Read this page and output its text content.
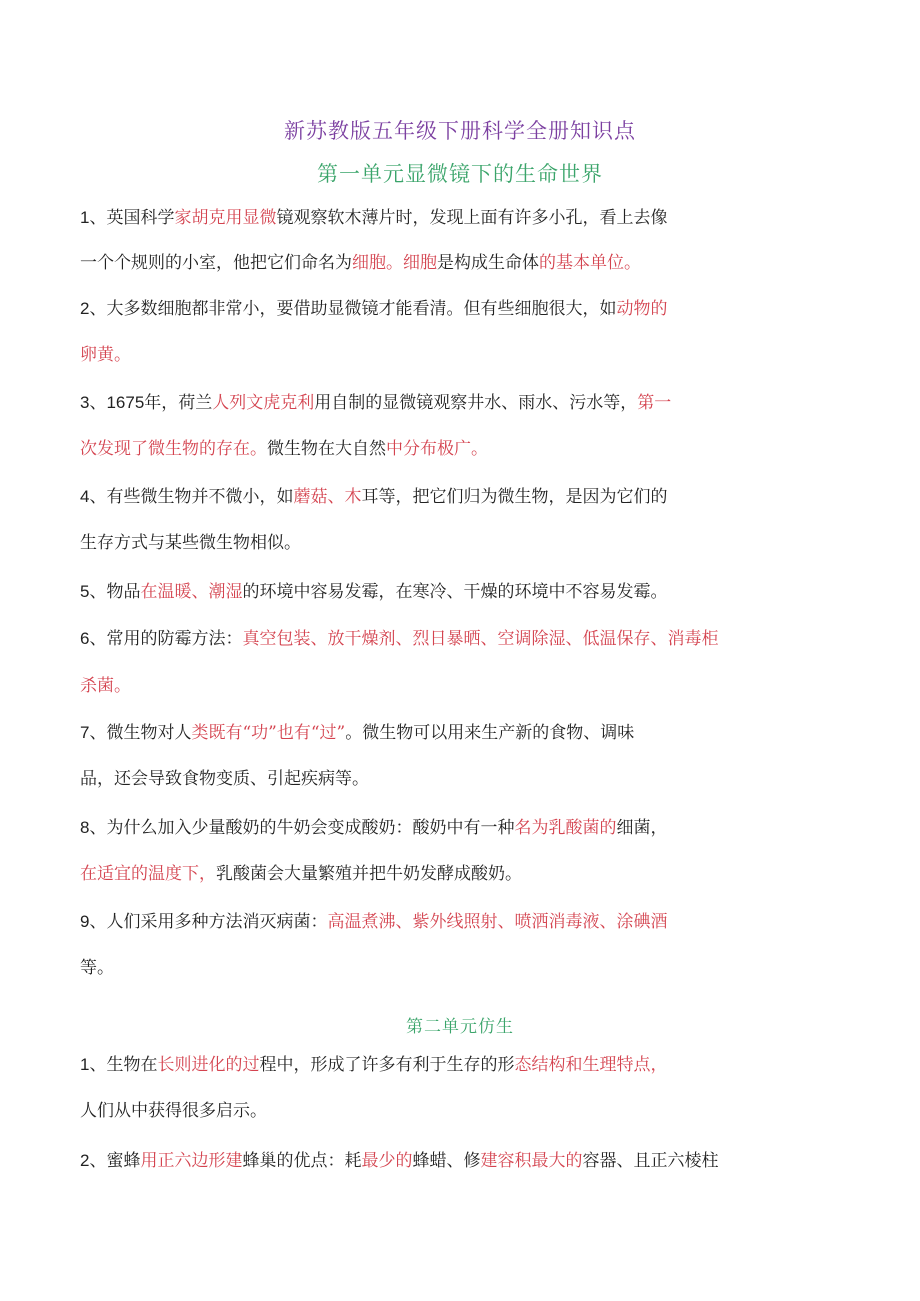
新苏教版五年级下册科学全册知识点
第一单元显微镜下的生命世界
1、英国科学家胡克用显微镜观察软木薄片时，发现上面有许多小孔，看上去像
一个个规则的小室，他把它们命名为细胞。细胞是构成生命体的基本单位。
2、大多数细胞都非常小，要借助显微镜才能看清。但有些细胞很大，如动物的
卵黄。
3、1675年，荷兰人列文虎克利用自制的显微镜观察井水、雨水、污水等，第一
次发现了微生物的存在。微生物在大自然中分布极广。
4、有些微生物并不微小，如蘑菇、木耳等，把它们归为微生物，是因为它们的
生存方式与某些微生物相似。
5、物品在温暖、潮湿的环境中容易发霉，在寒冷、干燥的环境中不容易发霉。
6、常用的防霉方法：真空包装、放干燥剂、烈日暴晒、空调除湿、低温保存、消毒柜
杀菌。
7、微生物对人类既有“功”也有“过”。微生物可以用来生产新的食物、调味
品，还会导致食物变质、引起疾病等。
8、为什么加入少量酸奶的牛奶会变成酸奶：酸奶中有一种名为乳酸菌的细菌，
在适宜的温度下，乳酸菌会大量繁殖并把牛奶发酵成酸奶。
9、人们采用多种方法消灭病菌：高温煮沸、紫外线照射、喷洒消毒液、涂碘酒
等。
第二单元仿生
1、生物在长则进化的过程中，形成了许多有利于生存的形态结构和生理特点，
人们从中获得很多启示。
2、蜜蜂用正六边形建蜂巢的优点：耗最少的蜂蜡、修建容积最大的容器、且正六棱柱
